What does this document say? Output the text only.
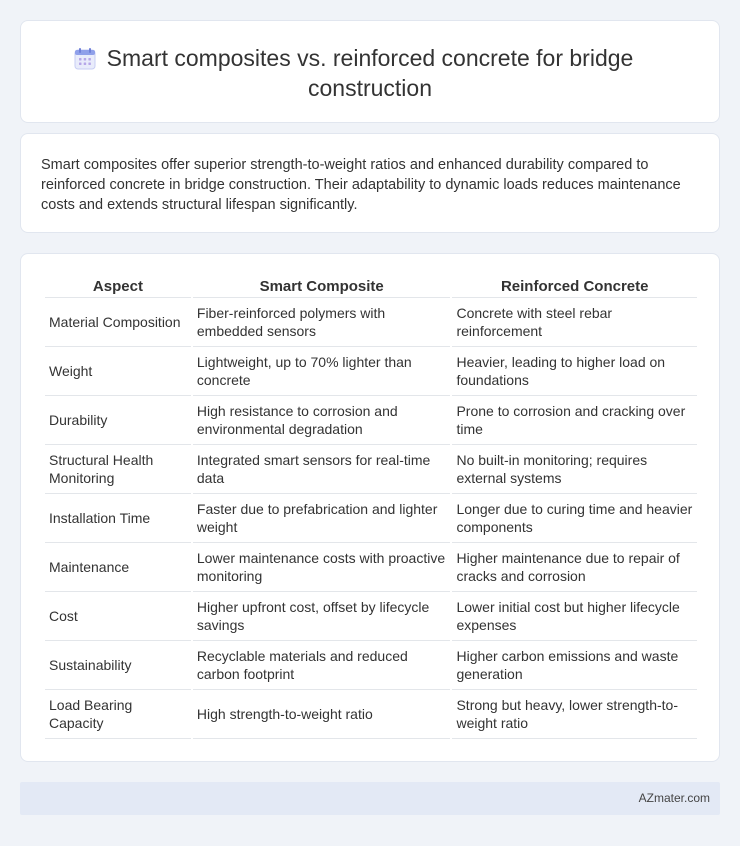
Smart composites vs. reinforced concrete for bridge construction

Smart composites offer superior strength-to-weight ratios and enhanced durability compared to reinforced concrete in bridge construction. Their adaptability to dynamic loads reduces maintenance costs and extends structural lifespan significantly.

Aspect	Smart Composite	Reinforced Concrete
Material Composition	Fiber-reinforced polymers with embedded sensors	Concrete with steel rebar reinforcement
Weight	Lightweight, up to 70% lighter than concrete	Heavier, leading to higher load on foundations
Durability	High resistance to corrosion and environmental degradation	Prone to corrosion and cracking over time
Structural Health Monitoring	Integrated smart sensors for real-time data	No built-in monitoring; requires external systems
Installation Time	Faster due to prefabrication and lighter weight	Longer due to curing time and heavier components
Maintenance	Lower maintenance costs with proactive monitoring	Higher maintenance due to repair of cracks and corrosion
Cost	Higher upfront cost, offset by lifecycle savings	Lower initial cost but higher lifecycle expenses
Sustainability	Recyclable materials and reduced carbon footprint	Higher carbon emissions and waste generation
Load Bearing Capacity	High strength-to-weight ratio	Strong but heavy, lower strength-to-weight ratio
AZmater.com
